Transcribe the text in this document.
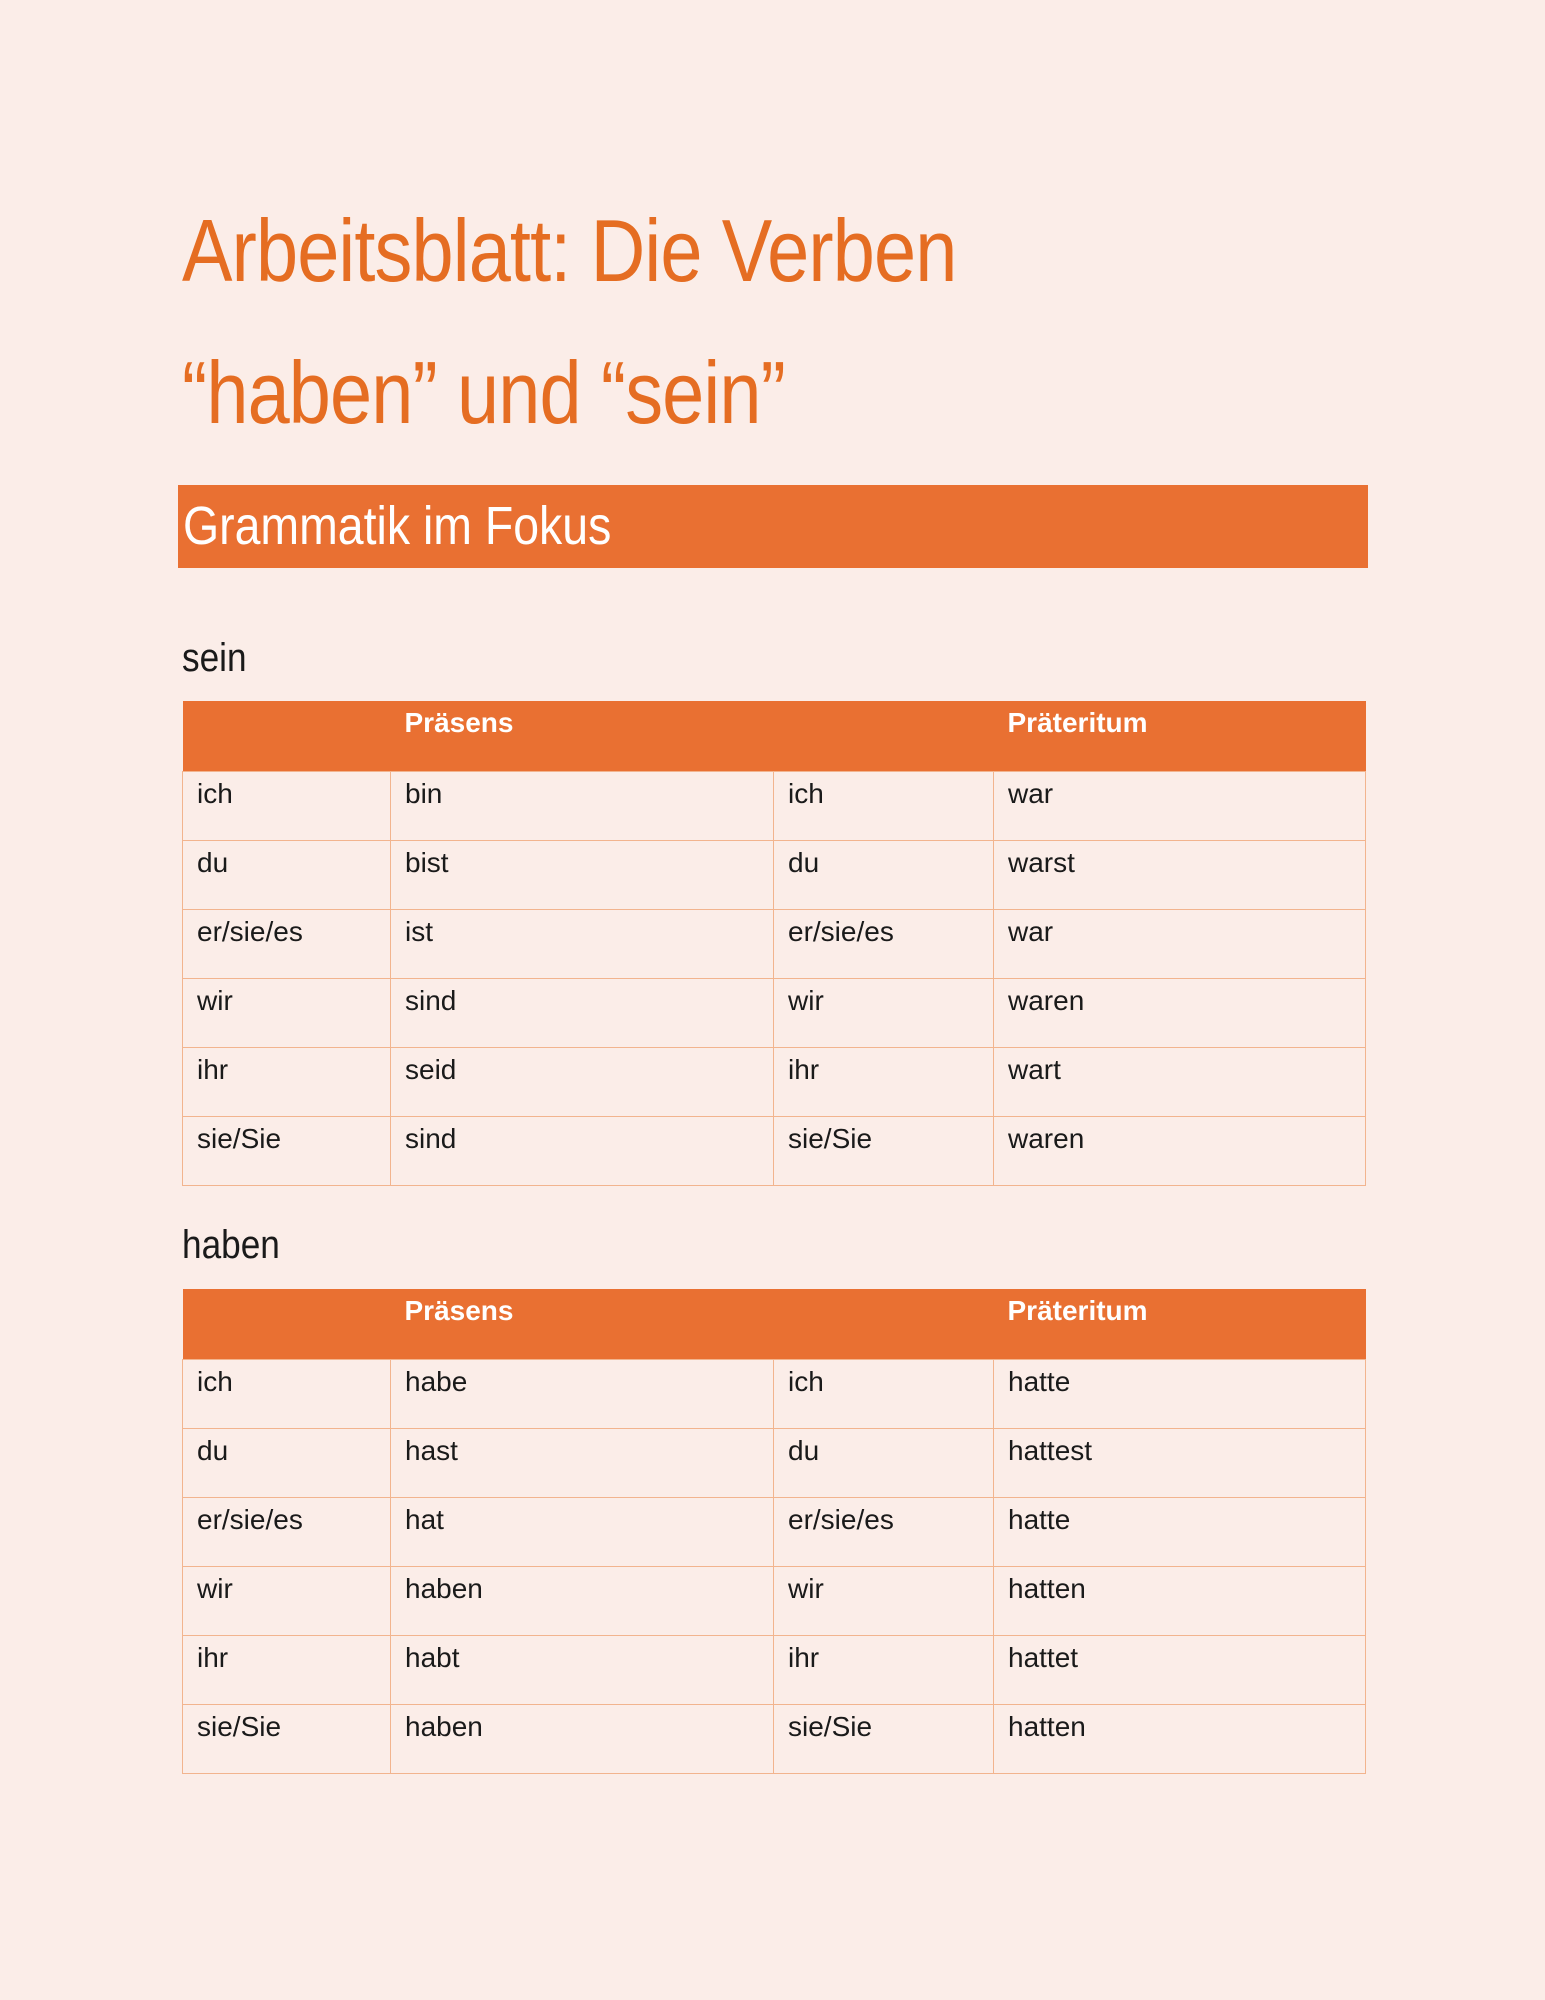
Arbeitsblatt: Die Verben “haben” und “sein”
Grammatik im Fokus
sein
	Präsens		Präteritum
ich	bin	ich	war
du	bist	du	warst
er/sie/es	ist	er/sie/es	war
wir	sind	wir	waren
ihr	seid	ihr	wart
sie/Sie	sind	sie/Sie	waren
haben
	Präsens		Präteritum
ich	habe	ich	hatte
du	hast	du	hattest
er/sie/es	hat	er/sie/es	hatte
wir	haben	wir	hatten
ihr	habt	ihr	hattet
sie/Sie	haben	sie/Sie	hatten
